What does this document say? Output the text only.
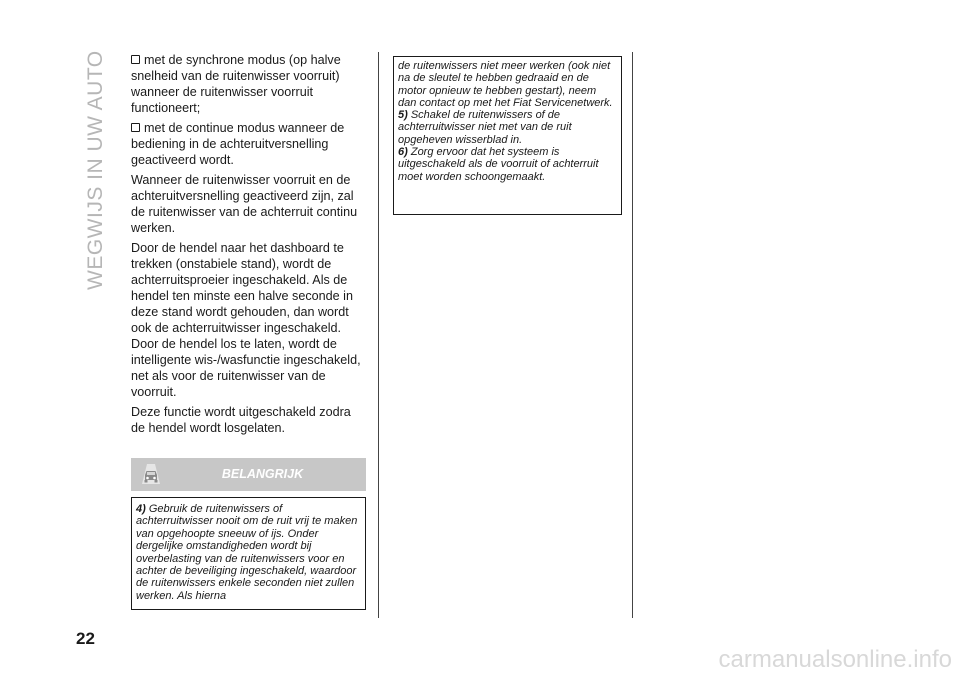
WEGWIJS IN UW AUTO	met de synchrone modus (op halve snelheid van de ruitenwisser voorruit) wanneer de ruitenwisser voorruit functioneert;

met de continue modus wanneer de bediening in de achteruitversnelling geactiveerd wordt.

Wanneer de ruitenwisser voorruit en de achteruitversnelling geactiveerd zijn, zal de ruitenwisser van de achterruit continu werken.

Door de hendel naar het dashboard te trekken (onstabiele stand), wordt de achterruitsproeier ingeschakeld. Als de hendel ten minste een halve seconde in deze stand wordt gehouden, dan wordt ook de achterruitwisser ingeschakeld. Door de hendel los te laten, wordt de intelligente wis-/wasfunctie ingeschakeld, net als voor de ruitenwisser van de voorruit.

Deze functie wordt uitgeschakeld zodra de hendel wordt losgelaten.

BELANGRIJK

4) Gebruik de ruitenwissers of achterruitwisser nooit om de ruit vrij te maken van opgehoopte sneeuw of ijs. Onder dergelijke omstandigheden wordt bij overbelasting van de ruitenwissers voor en achter de beveiliging ingeschakeld, waardoor de ruitenwissers enkele seconden niet zullen werken. Als hierna

de ruitenwissers niet meer werken (ook niet na de sleutel te hebben gedraaid en de motor opnieuw te hebben gestart), neem dan contact op met het Fiat Servicenetwerk.

5) Schakel de ruitenwissers of de achterruitwisser niet met van de ruit opgeheven wisserblad in.

6) Zorg ervoor dat het systeem is uitgeschakeld als de voorruit of achterruit moet worden schoongemaakt.

22
carmanualsonline.info
